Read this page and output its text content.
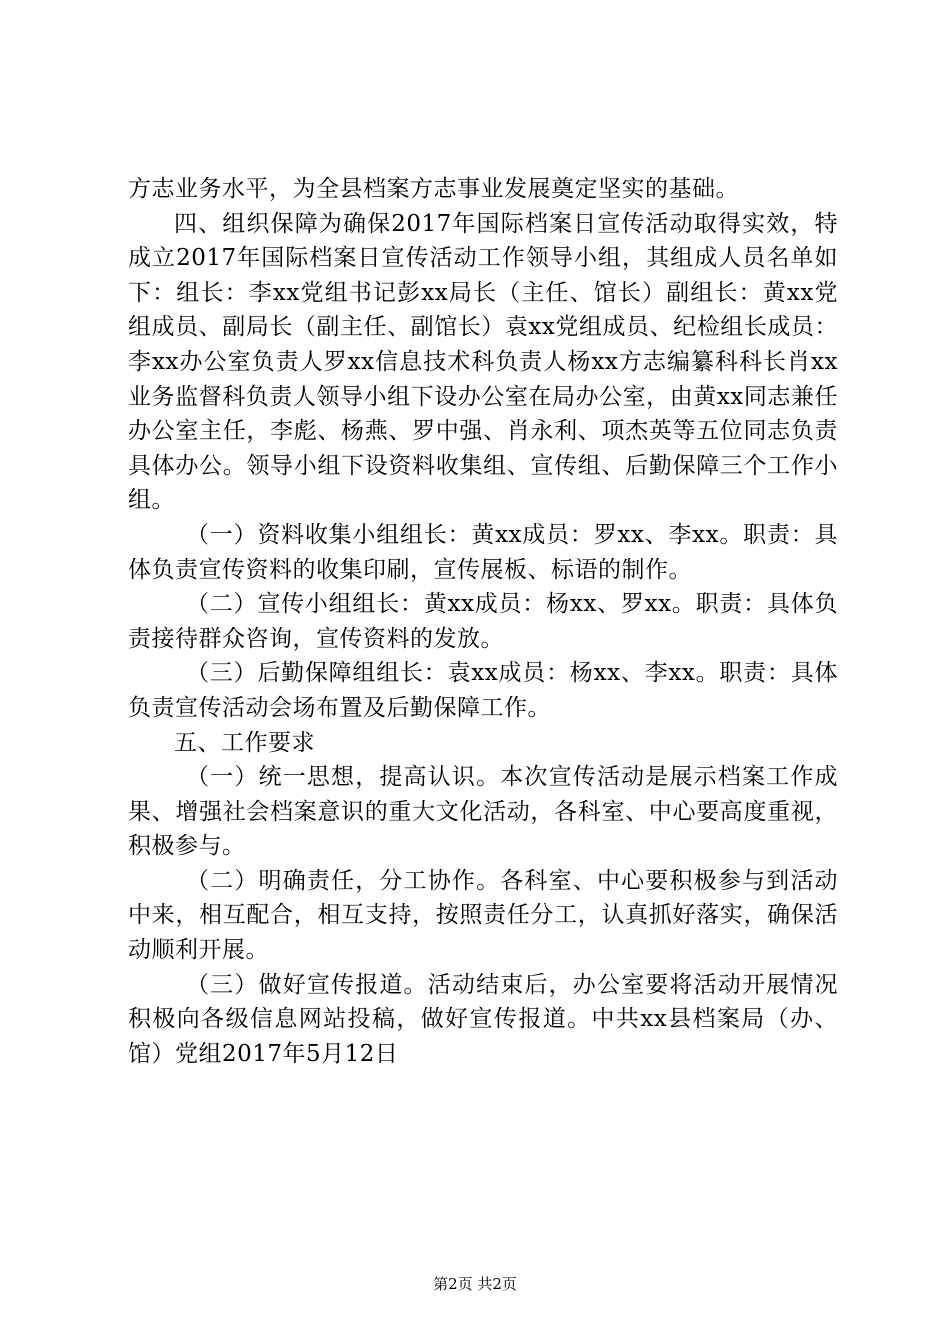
方志业务水平，为全县档案方志事业发展奠定坚实的基础。

四、组织保障为确保2017年国际档案日宣传活动取得实效，特成立2017年国际档案日宣传活动工作领导小组，其组成人员名单如下：组长：李xx党组书记彭xx局长（主任、馆长）副组长：黄xx党组成员、副局长（副主任、副馆长）袁xx党组成员、纪检组长成员：李xx办公室负责人罗xx信息技术科负责人杨xx方志编纂科科长肖xx业务监督科负责人领导小组下设办公室在局办公室，由黄xx同志兼任办公室主任，李彪、杨燕、罗中强、肖永利、项杰英等五位同志负责具体办公。领导小组下设资料收集组、宣传组、后勤保障三个工作小组。

（一）资料收集小组组长：黄xx成员：罗xx、李xx。职责：具体负责宣传资料的收集印刷，宣传展板、标语的制作。

（二）宣传小组组长：黄xx成员：杨xx、罗xx。职责：具体负责接待群众咨询，宣传资料的发放。

（三）后勤保障组组长：袁xx成员：杨xx、李xx。职责：具体负责宣传活动会场布置及后勤保障工作。

五、工作要求

（一）统一思想，提高认识。本次宣传活动是展示档案工作成果、增强社会档案意识的重大文化活动，各科室、中心要高度重视，积极参与。

（二）明确责任，分工协作。各科室、中心要积极参与到活动中来，相互配合，相互支持，按照责任分工，认真抓好落实，确保活动顺利开展。

（三）做好宣传报道。活动结束后，办公室要将活动开展情况积极向各级信息网站投稿，做好宣传报道。中共xx县档案局（办、馆）党组2017年5月12日

第2页 共2页
